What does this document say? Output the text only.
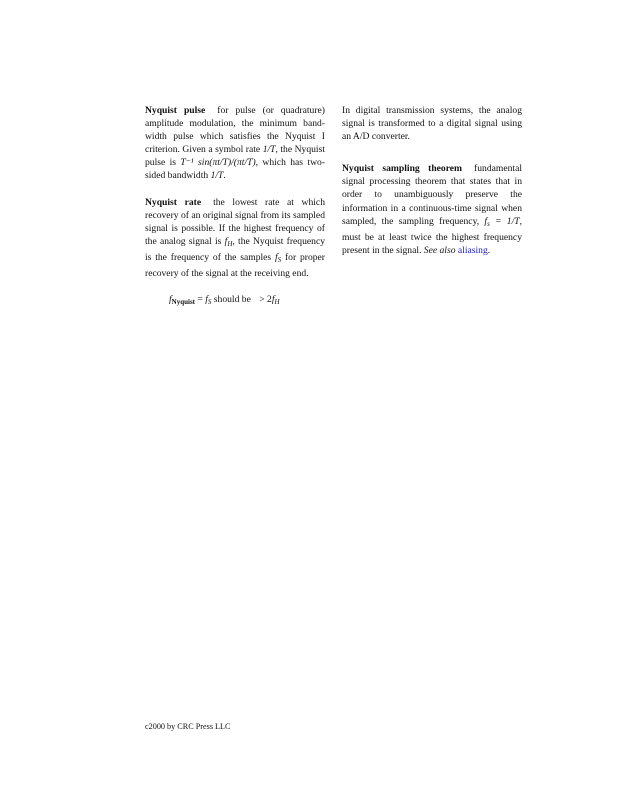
Nyquist pulse for pulse (or quadrature) amplitude modulation, the minimum band-width pulse which satisfies the Nyquist I criterion. Given a symbol rate 1/T, the Nyquist pulse is T⁻¹ sin(πt/T)/(πt/T), which has two-sided bandwidth 1/T.

Nyquist rate the lowest rate at which recovery of an original signal from its sampled signal is possible. If the highest frequency of the analog signal is $f_H$, the Nyquist frequency is the frequency of the samples $f_S$ for proper recovery of the signal at the receiving end.

$f_{Nyquist} = f_S$ should be > $2f_H$

In digital transmission systems, the analog signal is transformed to a digital signal using an A/D converter.

Nyquist sampling theorem fundamental signal processing theorem that states that in order to unambiguously preserve the information in a continuous-time signal when sampled, the sampling frequency, $f_s = 1/T$, must be at least twice the highest frequency present in the signal. See also aliasing.

c2000 by CRC Press LLC
